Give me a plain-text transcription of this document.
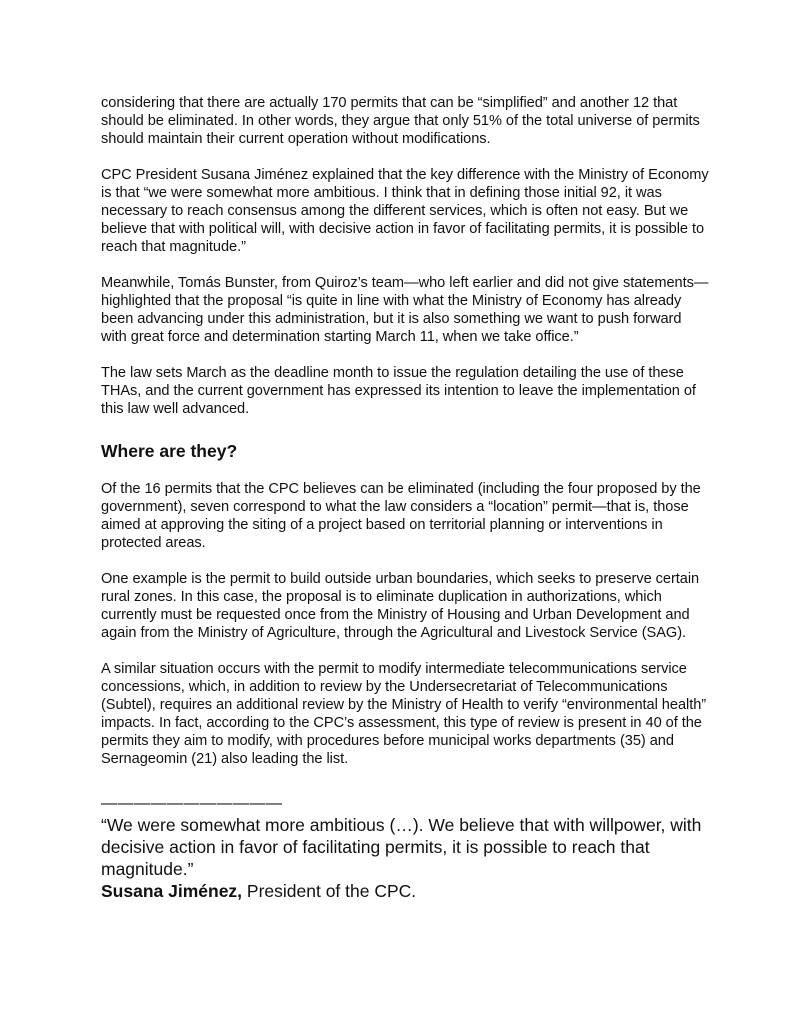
considering that there are actually 170 permits that can be “simplified” and another 12 that should be eliminated. In other words, they argue that only 51% of the total universe of permits should maintain their current operation without modifications.

CPC President Susana Jiménez explained that the key difference with the Ministry of Economy is that “we were somewhat more ambitious. I think that in defining those initial 92, it was necessary to reach consensus among the different services, which is often not easy. But we believe that with political will, with decisive action in favor of facilitating permits, it is possible to reach that magnitude.”

Meanwhile, Tomás Bunster, from Quiroz’s team—who left earlier and did not give statements—highlighted that the proposal “is quite in line with what the Ministry of Economy has already been advancing under this administration, but it is also something we want to push forward with great force and determination starting March 11, when we take office.”

The law sets March as the deadline month to issue the regulation detailing the use of these THAs, and the current government has expressed its intention to leave the implementation of this law well advanced.

Where are they?

Of the 16 permits that the CPC believes can be eliminated (including the four proposed by the government), seven correspond to what the law considers a “location” permit—that is, those aimed at approving the siting of a project based on territorial planning or interventions in protected areas.

One example is the permit to build outside urban boundaries, which seeks to preserve certain rural zones. In this case, the proposal is to eliminate duplication in authorizations, which currently must be requested once from the Ministry of Housing and Urban Development and again from the Ministry of Agriculture, through the Agricultural and Livestock Service (SAG).

A similar situation occurs with the permit to modify intermediate telecommunications service concessions, which, in addition to review by the Undersecretariat of Telecommunications (Subtel), requires an additional review by the Ministry of Health to verify “environmental health” impacts. In fact, according to the CPC’s assessment, this type of review is present in 40 of the permits they aim to modify, with procedures before municipal works departments (35) and Sernageomin (21) also leading the list.

———————————

“We were somewhat more ambitious (…). We believe that with willpower, with decisive action in favor of facilitating permits, it is possible to reach that magnitude.”

Susana Jiménez, President of the CPC.
